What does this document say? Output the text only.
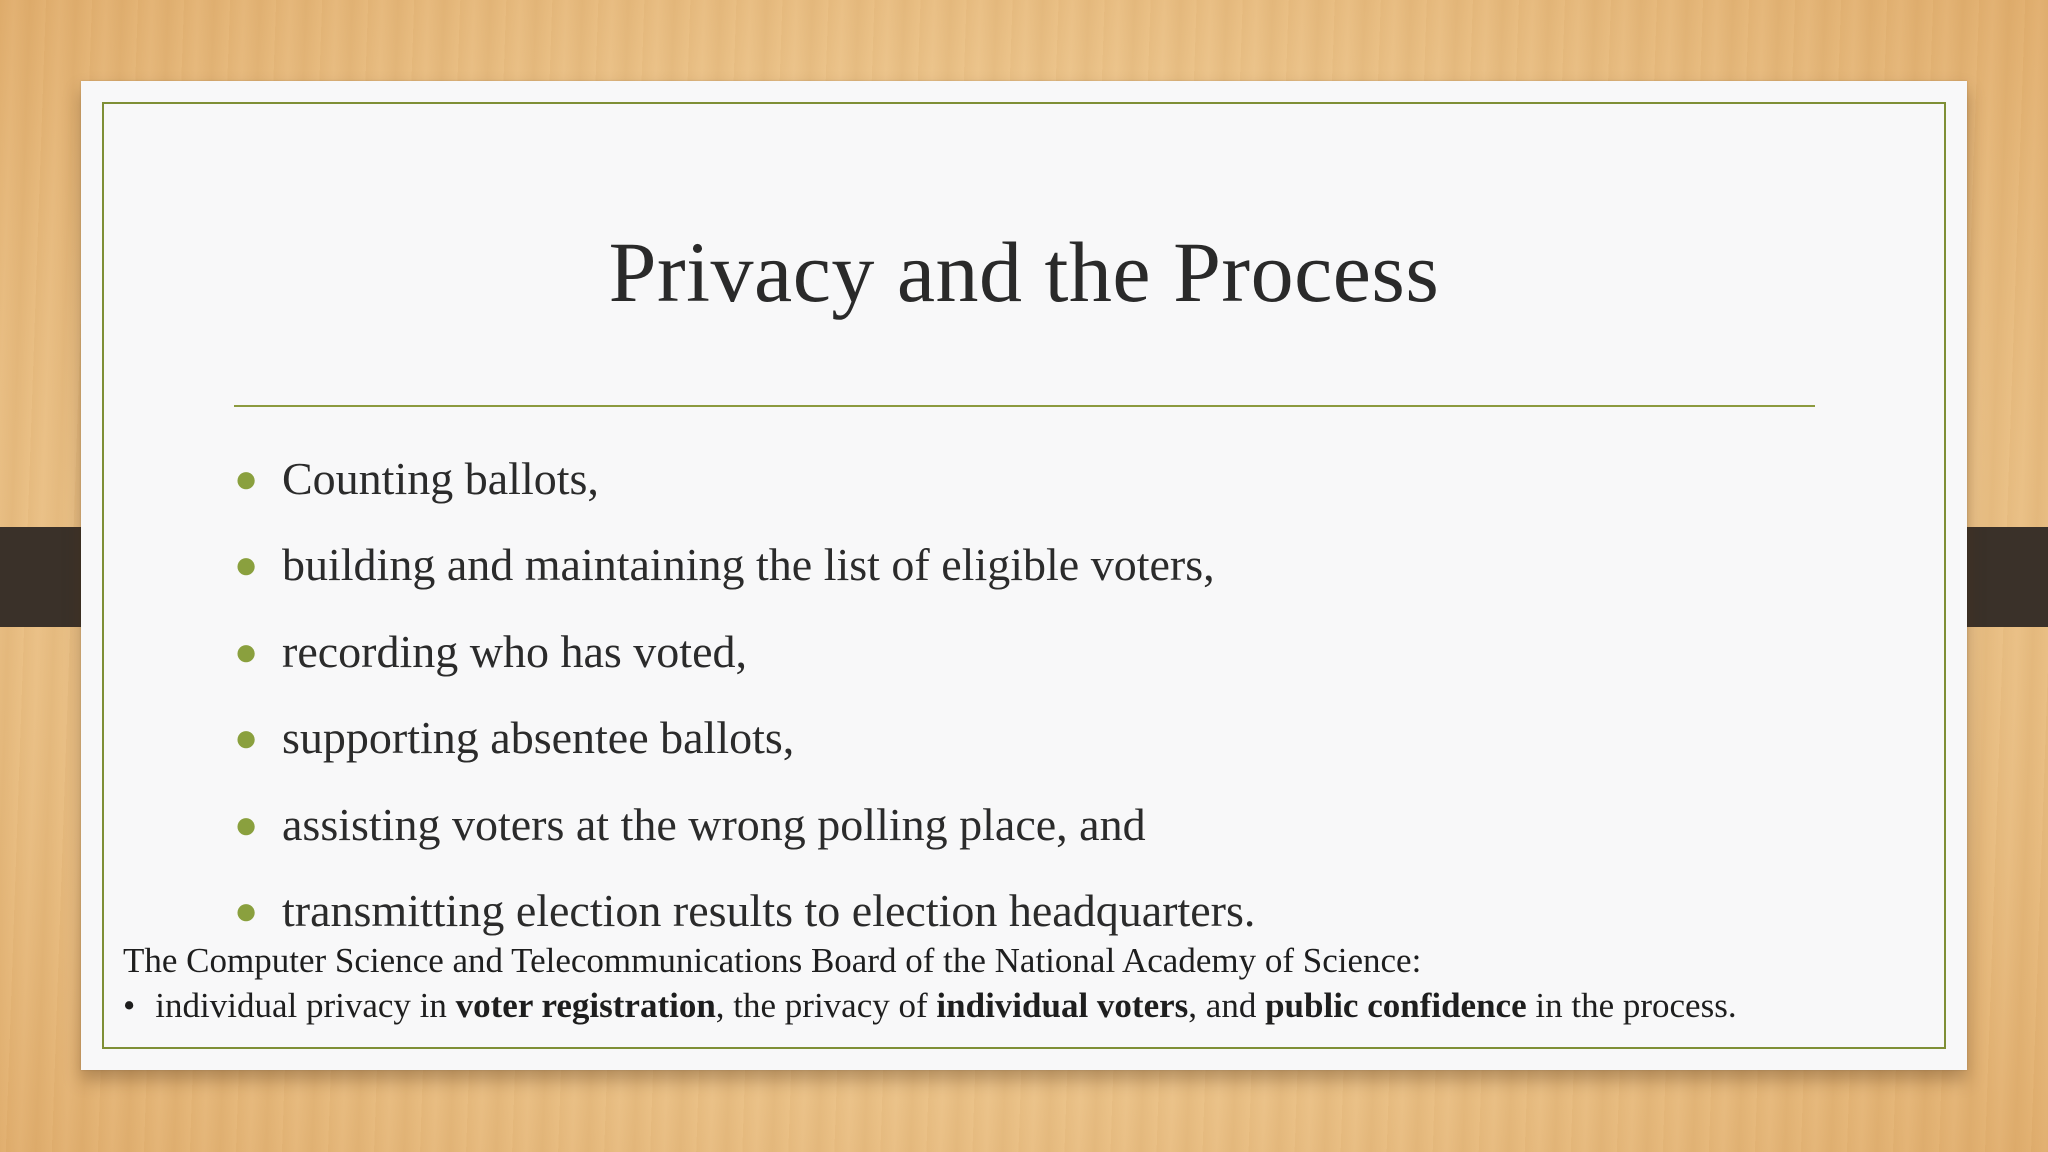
Privacy and the Process
● Counting ballots,
● building and maintaining the list of eligible voters,
● recording who has voted,
● supporting absentee ballots,
● assisting voters at the wrong polling place, and
● transmitting election results to election headquarters.
The Computer Science and Telecommunications Board of the National Academy of Science:
• individual privacy in voter registration, the privacy of individual voters, and public confidence in the process.
